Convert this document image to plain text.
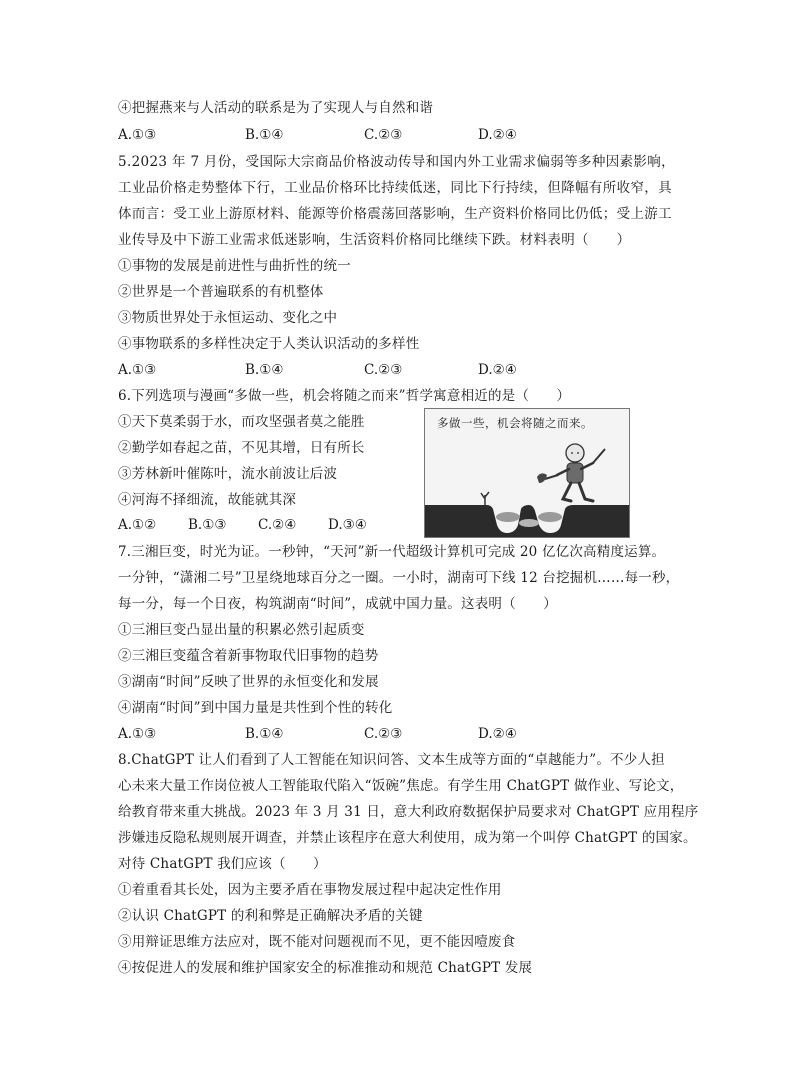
④把握燕来与人活动的联系是为了实现人与自然和谐
A.①③	B.①④	C.②③	D.②④
5.2023 年 7 月份，受国际大宗商品价格波动传导和国内外工业需求偏弱等多种因素影响，
工业品价格走势整体下行，工业品价格环比持续低迷，同比下行持续，但降幅有所收窄，具
体而言：受工业上游原材料、能源等价格震荡回落影响，生产资料价格同比仍低；受上游工
业传导及中下游工业需求低迷影响，生活资料价格同比继续下跌。材料表明（　　）
①事物的发展是前进性与曲折性的统一
②世界是一个普遍联系的有机整体
③物质世界处于永恒运动、变化之中
④事物联系的多样性决定于人类认识活动的多样性
A.①③	B.①④	C.②③	D.②④
6.下列选项与漫画“多做一些，机会将随之而来”哲学寓意相近的是（　　）
①天下莫柔弱于水，而攻坚强者莫之能胜
②勤学如春起之苗，不见其增，日有所长
③芳林新叶催陈叶，流水前波让后波
④河海不择细流，故能就其深
A.①② B.①③ C.②④ D.③④
多做一些，机会将随之而来。
7.三湘巨变，时光为证。一秒钟，“天河”新一代超级计算机可完成 20 亿亿次高精度运算。
一分钟，“潇湘二号”卫星绕地球百分之一圈。一小时，湖南可下线 12 台挖掘机……每一秒，
每一分，每一个日夜，构筑湖南“时间”，成就中国力量。这表明（　　）
①三湘巨变凸显出量的积累必然引起质变
②三湘巨变蕴含着新事物取代旧事物的趋势
③湖南“时间”反映了世界的永恒变化和发展
④湖南“时间”到中国力量是共性到个性的转化
A.①③	B.①④	C.②③	D.②④
8.ChatGPT 让人们看到了人工智能在知识问答、文本生成等方面的“卓越能力”。不少人担
心未来大量工作岗位被人工智能取代陷入“饭碗”焦虑。有学生用 ChatGPT 做作业、写论文，
给教育带来重大挑战。2023 年 3 月 31 日，意大利政府数据保护局要求对 ChatGPT 应用程序
涉嫌违反隐私规则展开调查，并禁止该程序在意大利使用，成为第一个叫停 ChatGPT 的国家。
对待 ChatGPT 我们应该（　　）
①着重看其长处，因为主要矛盾在事物发展过程中起决定性作用
②认识 ChatGPT 的利和弊是正确解决矛盾的关键
③用辩证思维方法应对，既不能对问题视而不见，更不能因噎废食
④按促进人的发展和维护国家安全的标准推动和规范 ChatGPT 发展
